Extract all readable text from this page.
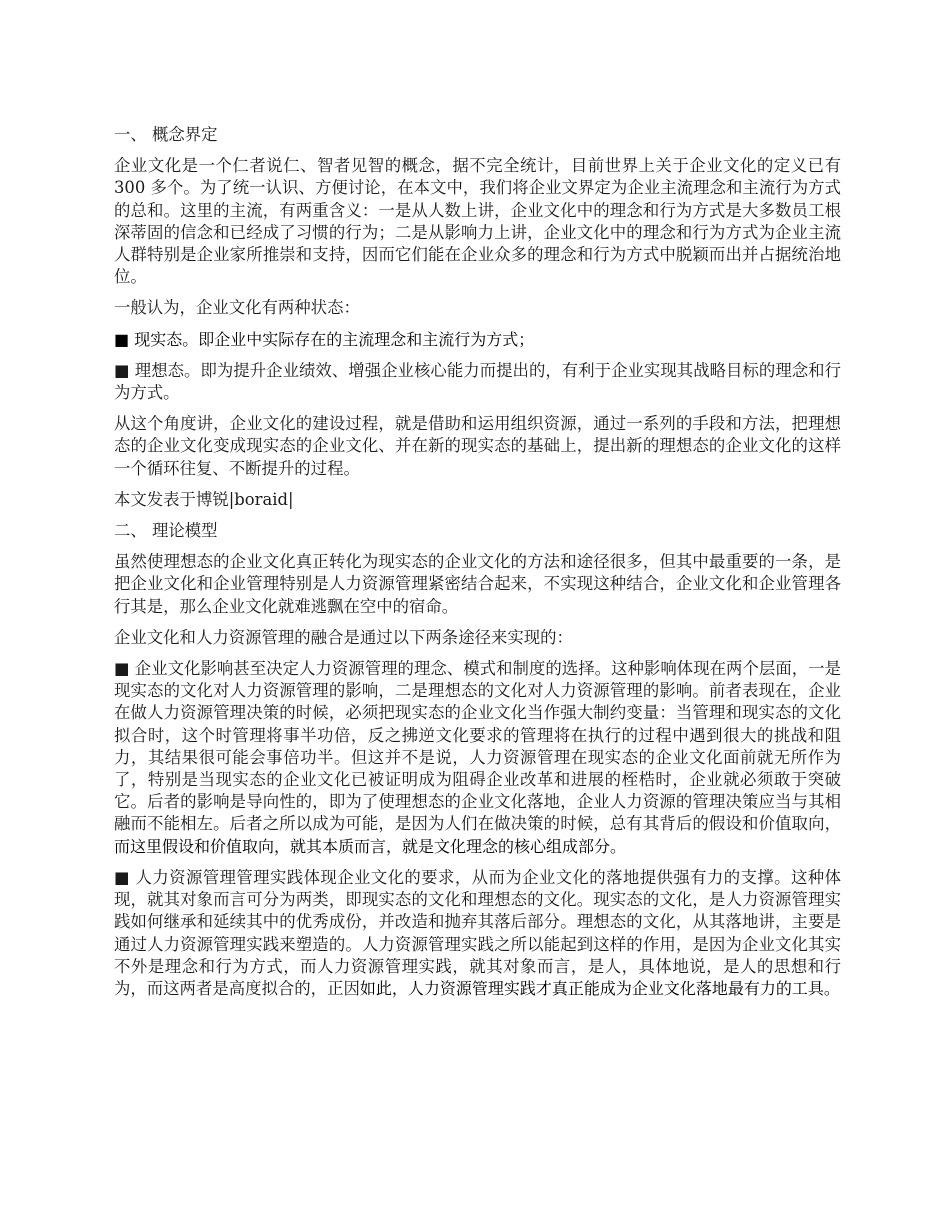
一、 概念界定

企业文化是一个仁者说仁、智者见智的概念，据不完全统计，目前世界上关于企业文化的定义已有 300 多个。为了统一认识、方便讨论，在本文中，我们将企业文界定为企业主流理念和主流行为方式的总和。这里的主流，有两重含义：一是从人数上讲，企业文化中的理念和行为方式是大多数员工根深蒂固的信念和已经成了习惯的行为；二是从影响力上讲，企业文化中的理念和行为方式为企业主流人群特别是企业家所推崇和支持，因而它们能在企业众多的理念和行为方式中脱颖而出并占据统治地位。

一般认为，企业文化有两种状态：

■ 现实态。即企业中实际存在的主流理念和主流行为方式；

■ 理想态。即为提升企业绩效、增强企业核心能力而提出的，有利于企业实现其战略目标的理念和行为方式。

从这个角度讲，企业文化的建设过程，就是借助和运用组织资源，通过一系列的手段和方法，把理想态的企业文化变成现实态的企业文化、并在新的现实态的基础上，提出新的理想态的企业文化的这样一个循环往复、不断提升的过程。

本文发表于博锐|boraid|

二、 理论模型

虽然使理想态的企业文化真正转化为现实态的企业文化的方法和途径很多，但其中最重要的一条，是把企业文化和企业管理特别是人力资源管理紧密结合起来，不实现这种结合，企业文化和企业管理各行其是，那么企业文化就难逃飘在空中的宿命。

企业文化和人力资源管理的融合是通过以下两条途径来实现的：

■ 企业文化影响甚至决定人力资源管理的理念、模式和制度的选择。这种影响体现在两个层面，一是现实态的文化对人力资源管理的影响，二是理想态的文化对人力资源管理的影响。前者表现在，企业在做人力资源管理决策的时候，必须把现实态的企业文化当作强大制约变量：当管理和现实态的文化拟合时，这个时管理将事半功倍，反之拂逆文化要求的管理将在执行的过程中遇到很大的挑战和阻力，其结果很可能会事倍功半。但这并不是说，人力资源管理在现实态的企业文化面前就无所作为了，特别是当现实态的企业文化已被证明成为阻碍企业改革和进展的桎梏时，企业就必须敢于突破它。后者的影响是导向性的，即为了使理想态的企业文化落地，企业人力资源的管理决策应当与其相融而不能相左。后者之所以成为可能，是因为人们在做决策的时候，总有其背后的假设和价值取向，而这里假设和价值取向，就其本质而言，就是文化理念的核心组成部分。

■ 人力资源管理管理实践体现企业文化的要求，从而为企业文化的落地提供强有力的支撑。这种体现，就其对象而言可分为两类，即现实态的文化和理想态的文化。现实态的文化，是人力资源管理实践如何继承和延续其中的优秀成份，并改造和抛弃其落后部分。理想态的文化，从其落地讲，主要是通过人力资源管理实践来塑造的。人力资源管理实践之所以能起到这样的作用，是因为企业文化其实不外是理念和行为方式，而人力资源管理实践，就其对象而言，是人，具体地说，是人的思想和行为，而这两者是高度拟合的，正因如此，人力资源管理实践才真正能成为企业文化落地最有力的工具。
